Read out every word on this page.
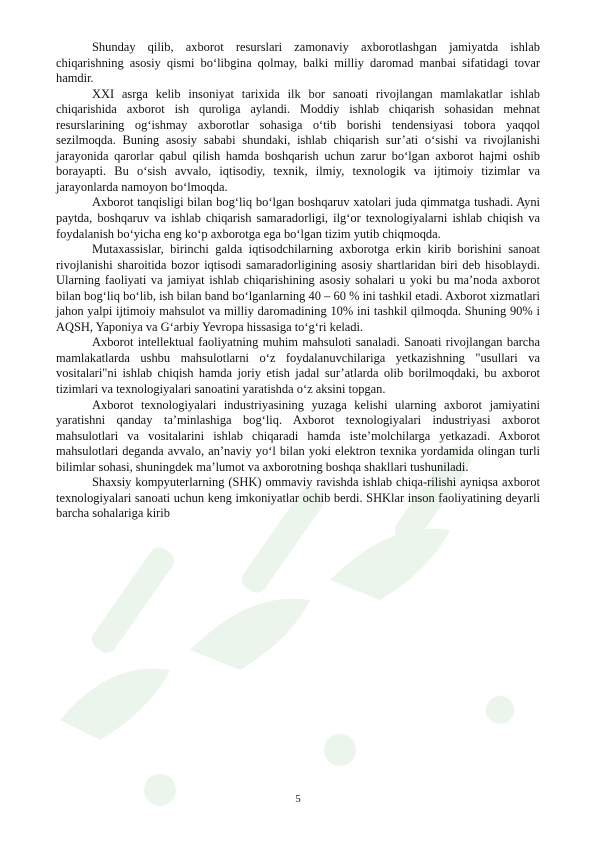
Shunday qilib, axborot resurslari zamonaviy axborotlashgan jamiyatda ishlab chiqarishning asosiy qismi bo‘libgina qolmay, balki milliy daromad manbai sifatidagi tovar hamdir.

XXI asrga kelib insoniyat tarixida ilk bor sanoati rivojlangan mamlakatlar ishlab chiqarishida axborot ish quroliga aylandi. Moddiy ishlab chiqarish sohasidan mehnat resurslarining og‘ishmay axborotlar sohasiga o‘tib borishi tendensiyasi tobora yaqqol sezilmoqda. Buning asosiy sababi shundaki, ishlab chiqarish sur’ati o‘sishi va rivojlanishi jarayonida qarorlar qabul qilish hamda boshqarish uchun zarur bo‘lgan axborot hajmi oshib borayapti. Bu o‘sish avvalo, iqtisodiy, texnik, ilmiy, texnologik va ijtimoiy tizimlar va jarayonlarda namoyon bo‘lmoqda.

Axborot tanqisligi bilan bog‘liq bo‘lgan boshqaruv xatolari juda qimmatga tushadi. Ayni paytda, boshqaruv va ishlab chiqarish samaradorligi, ilg‘or texnologiyalarni ishlab chiqish va foydalanish bo‘yicha eng ko‘p axborotga ega bo‘lgan tizim yutib chiqmoqda.

Mutaxassislar, birinchi galda iqtisodchilarning axborotga erkin kirib borishini sanoat rivojlanishi sharoitida bozor iqtisodi samaradorligining asosiy shartlaridan biri deb hisoblaydi. Ularning faoliyati va jamiyat ishlab chiqarishining asosiy sohalari u yoki bu ma’noda axborot bilan bog‘liq bo‘lib, ish bilan band bo‘lganlarning 40 – 60 % ini tashkil etadi. Axborot xizmatlari jahon yalpi ijtimoiy mahsulot va milliy daromadining 10% ini tashkil qilmoqda. Shuning 90% i AQSH, Yaponiya va G‘arbiy Yevropa hissasiga to‘g‘ri keladi.

Axborot intellektual faoliyatning muhim mahsuloti sanaladi. Sanoati rivojlangan barcha mamlakatlarda ushbu mahsulotlarni o‘z foydalanuvchilariga yetkazishning "usullari va vositalari"ni ishlab chiqish hamda joriy etish jadal sur’atlarda olib borilmoqdaki, bu axborot tizimlari va texnologiyalari sanoatini yaratishda o‘z aksini topgan.

Axborot texnologiyalari industriyasining yuzaga kelishi ularning axborot jamiyatini yaratishni qanday ta’minlashiga bog‘liq. Axborot texnologiyalari industriyasi axborot mahsulotlari va vositalarini ishlab chiqaradi hamda iste’molchilarga yetkazadi. Axborot mahsulotlari deganda avvalo, an’naviy yo‘l bilan yoki elektron texnika yordamida olingan turli bilimlar sohasi, shuningdek ma’lumot va axborotning boshqa shakllari tushuniladi.

Shaxsiy kompyuterlarning (SHK) ommaviy ravishda ishlab chiqa-rilishi ayniqsa axborot texnologiyalari sanoati uchun keng imkoniyatlar ochib berdi. SHKlar inson faoliyatining deyarli barcha sohalariga kirib

5
